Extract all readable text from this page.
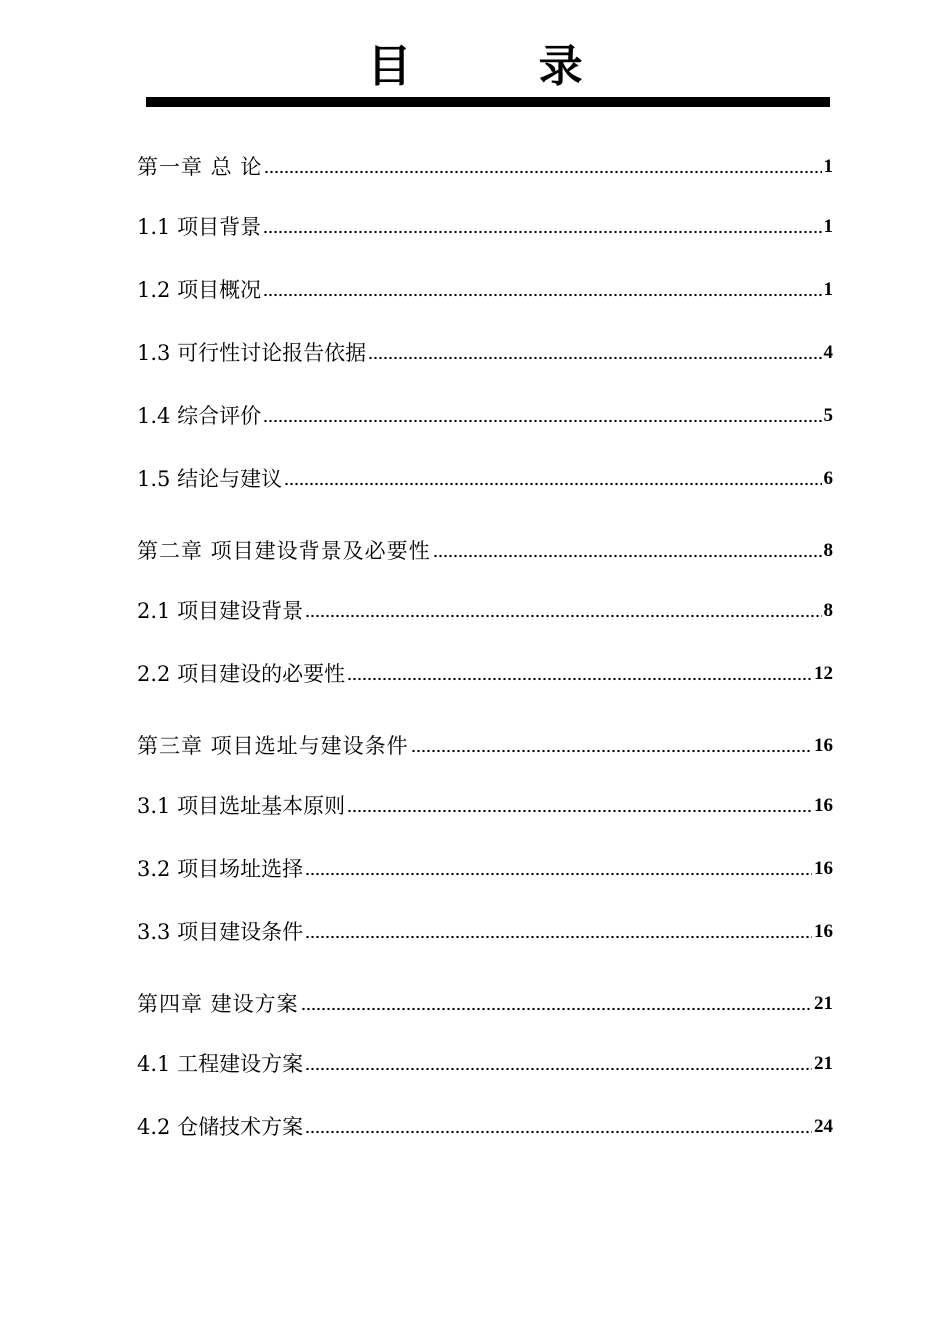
目 录
第一章 总 论	1
1.1 项目背景	1
1.2 项目概况	1
1.3 可行性讨论报告依据	4
1.4 综合评价	5
1.5 结论与建议	6
第二章 项目建设背景及必要性	8
2.1 项目建设背景	8
2.2 项目建设的必要性	12
第三章 项目选址与建设条件	16
3.1 项目选址基本原则	16
3.2 项目场址选择	16
3.3 项目建设条件	16
第四章 建设方案	21
4.1 工程建设方案	21
4.2 仓储技术方案	24
